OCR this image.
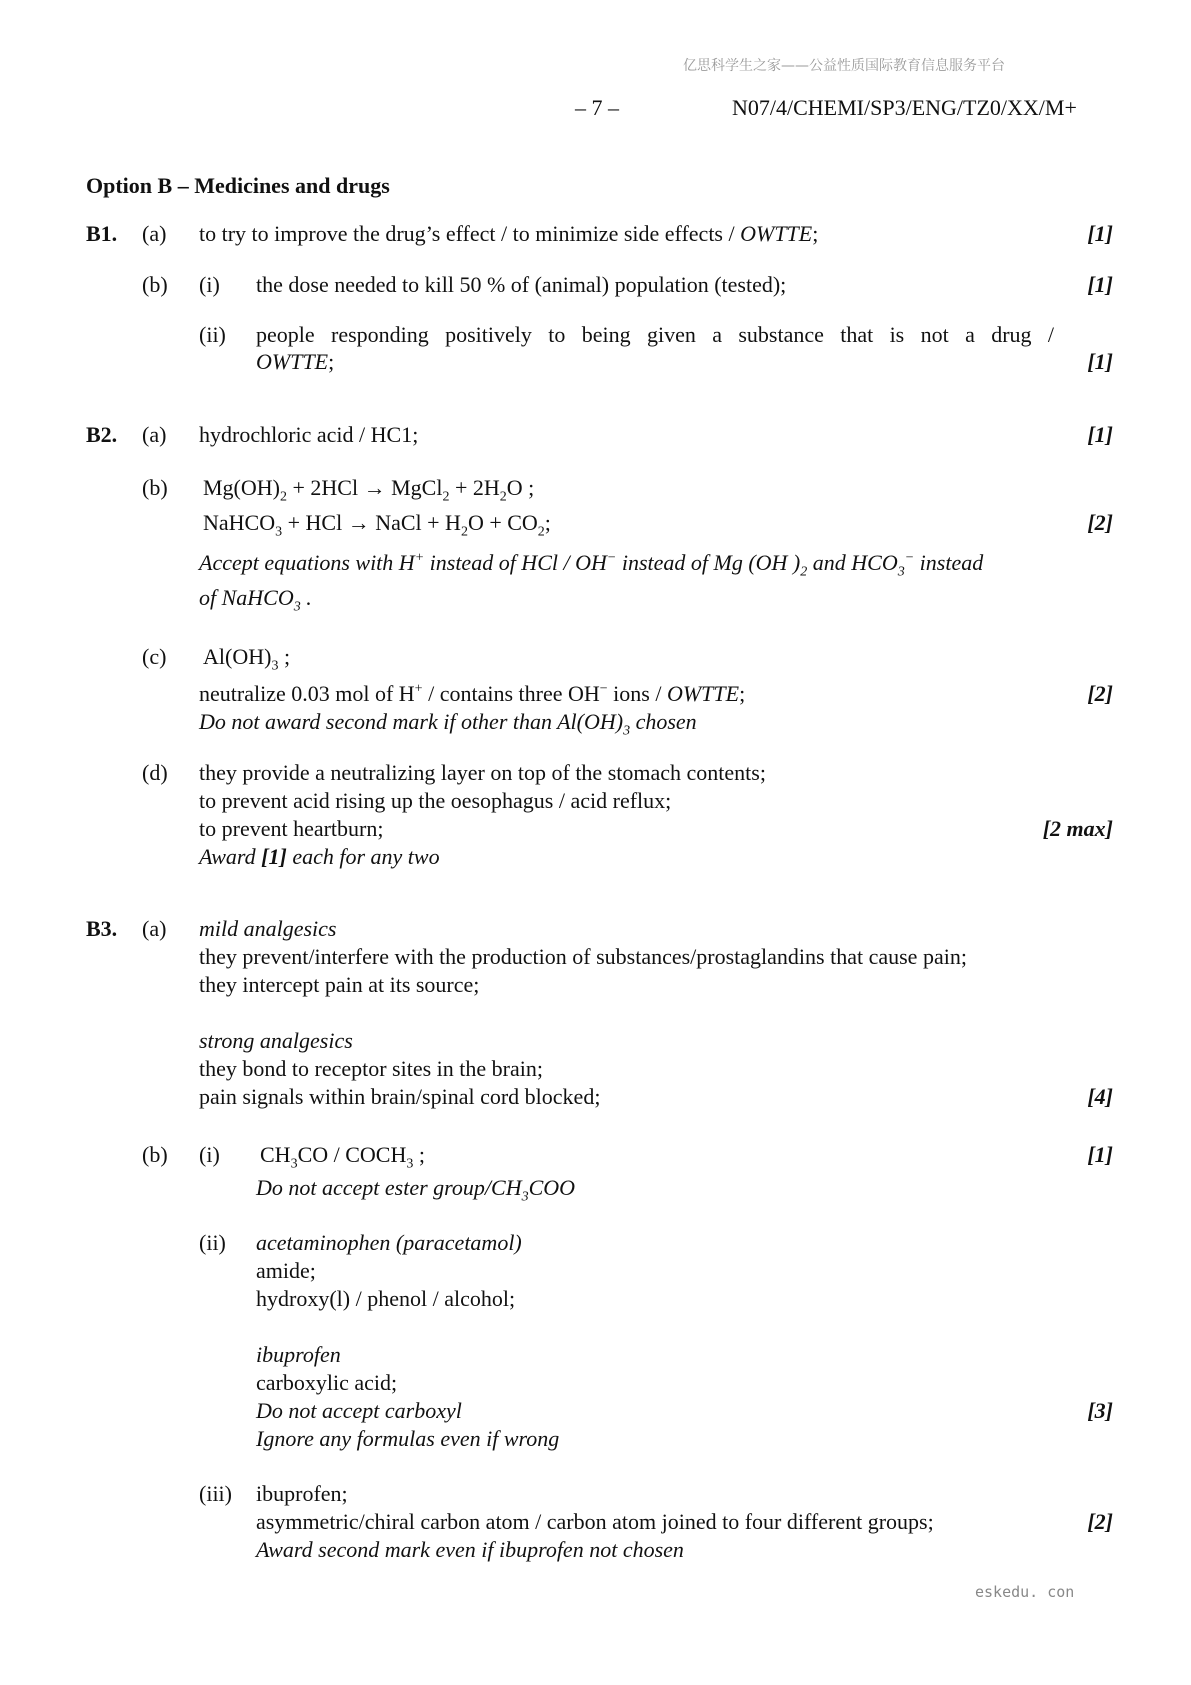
亿思科学生之家——公益性质国际教育信息服务平台
– 7 –	N07/4/CHEMI/SP3/ENG/TZ0/XX/M+
Option B – Medicines and drugs
B1. (a) to try to improve the drug’s effect / to minimize side effects / OWTTE;	[1]
(b) (i) the dose needed to kill 50 % of (animal) population (tested);	[1]
(ii) people responding positively to being given a substance that is not a drug /
OWTTE;	[1]
B2. (a) hydrochloric acid / HC1;	[1]
(b) $Mg(OH)_2 + 2HCl$ → MgCl$_2$ + $2H_2O$ ;
NaHCO$_3$ + HCl → NaCl + $H_2O + CO_2$;	[2]
Accept equations with H+ instead of HCl / OH− instead of Mg (OH )$_2$ and $HCO_3^-$ instead
of NaHCO$_3$ .
(c) $Al(OH)_3$ ;
neutralize 0.03 mol of H+ / contains three OH− ions / OWTTE;	[2]
Do not award second mark if other than $Al(OH)_3$ chosen
(d) they provide a neutralizing layer on top of the stomach contents;
to prevent acid rising up the oesophagus / acid reflux;
to prevent heartburn;	[2 max]
Award [1] each for any two
B3. (a) mild analgesics
they prevent/interfere with the production of substances/prostaglandins that cause pain;
they intercept pain at its source;
strong analgesics
they bond to receptor sites in the brain;
pain signals within brain/spinal cord blocked;	[4]
(b) (i) $CH_3CO$ / $COCH_3$ ;	[1]
Do not accept ester group/$CH_3COO$
(ii) acetaminophen (paracetamol)
amide;
hydroxy(l) / phenol / alcohol;
ibuprofen
carboxylic acid;
Do not accept carboxyl	[3]
Ignore any formulas even if wrong
(iii) ibuprofen;
asymmetric/chiral carbon atom / carbon atom joined to four different groups;	[2]
Award second mark even if ibuprofen not chosen
eskedu. con
